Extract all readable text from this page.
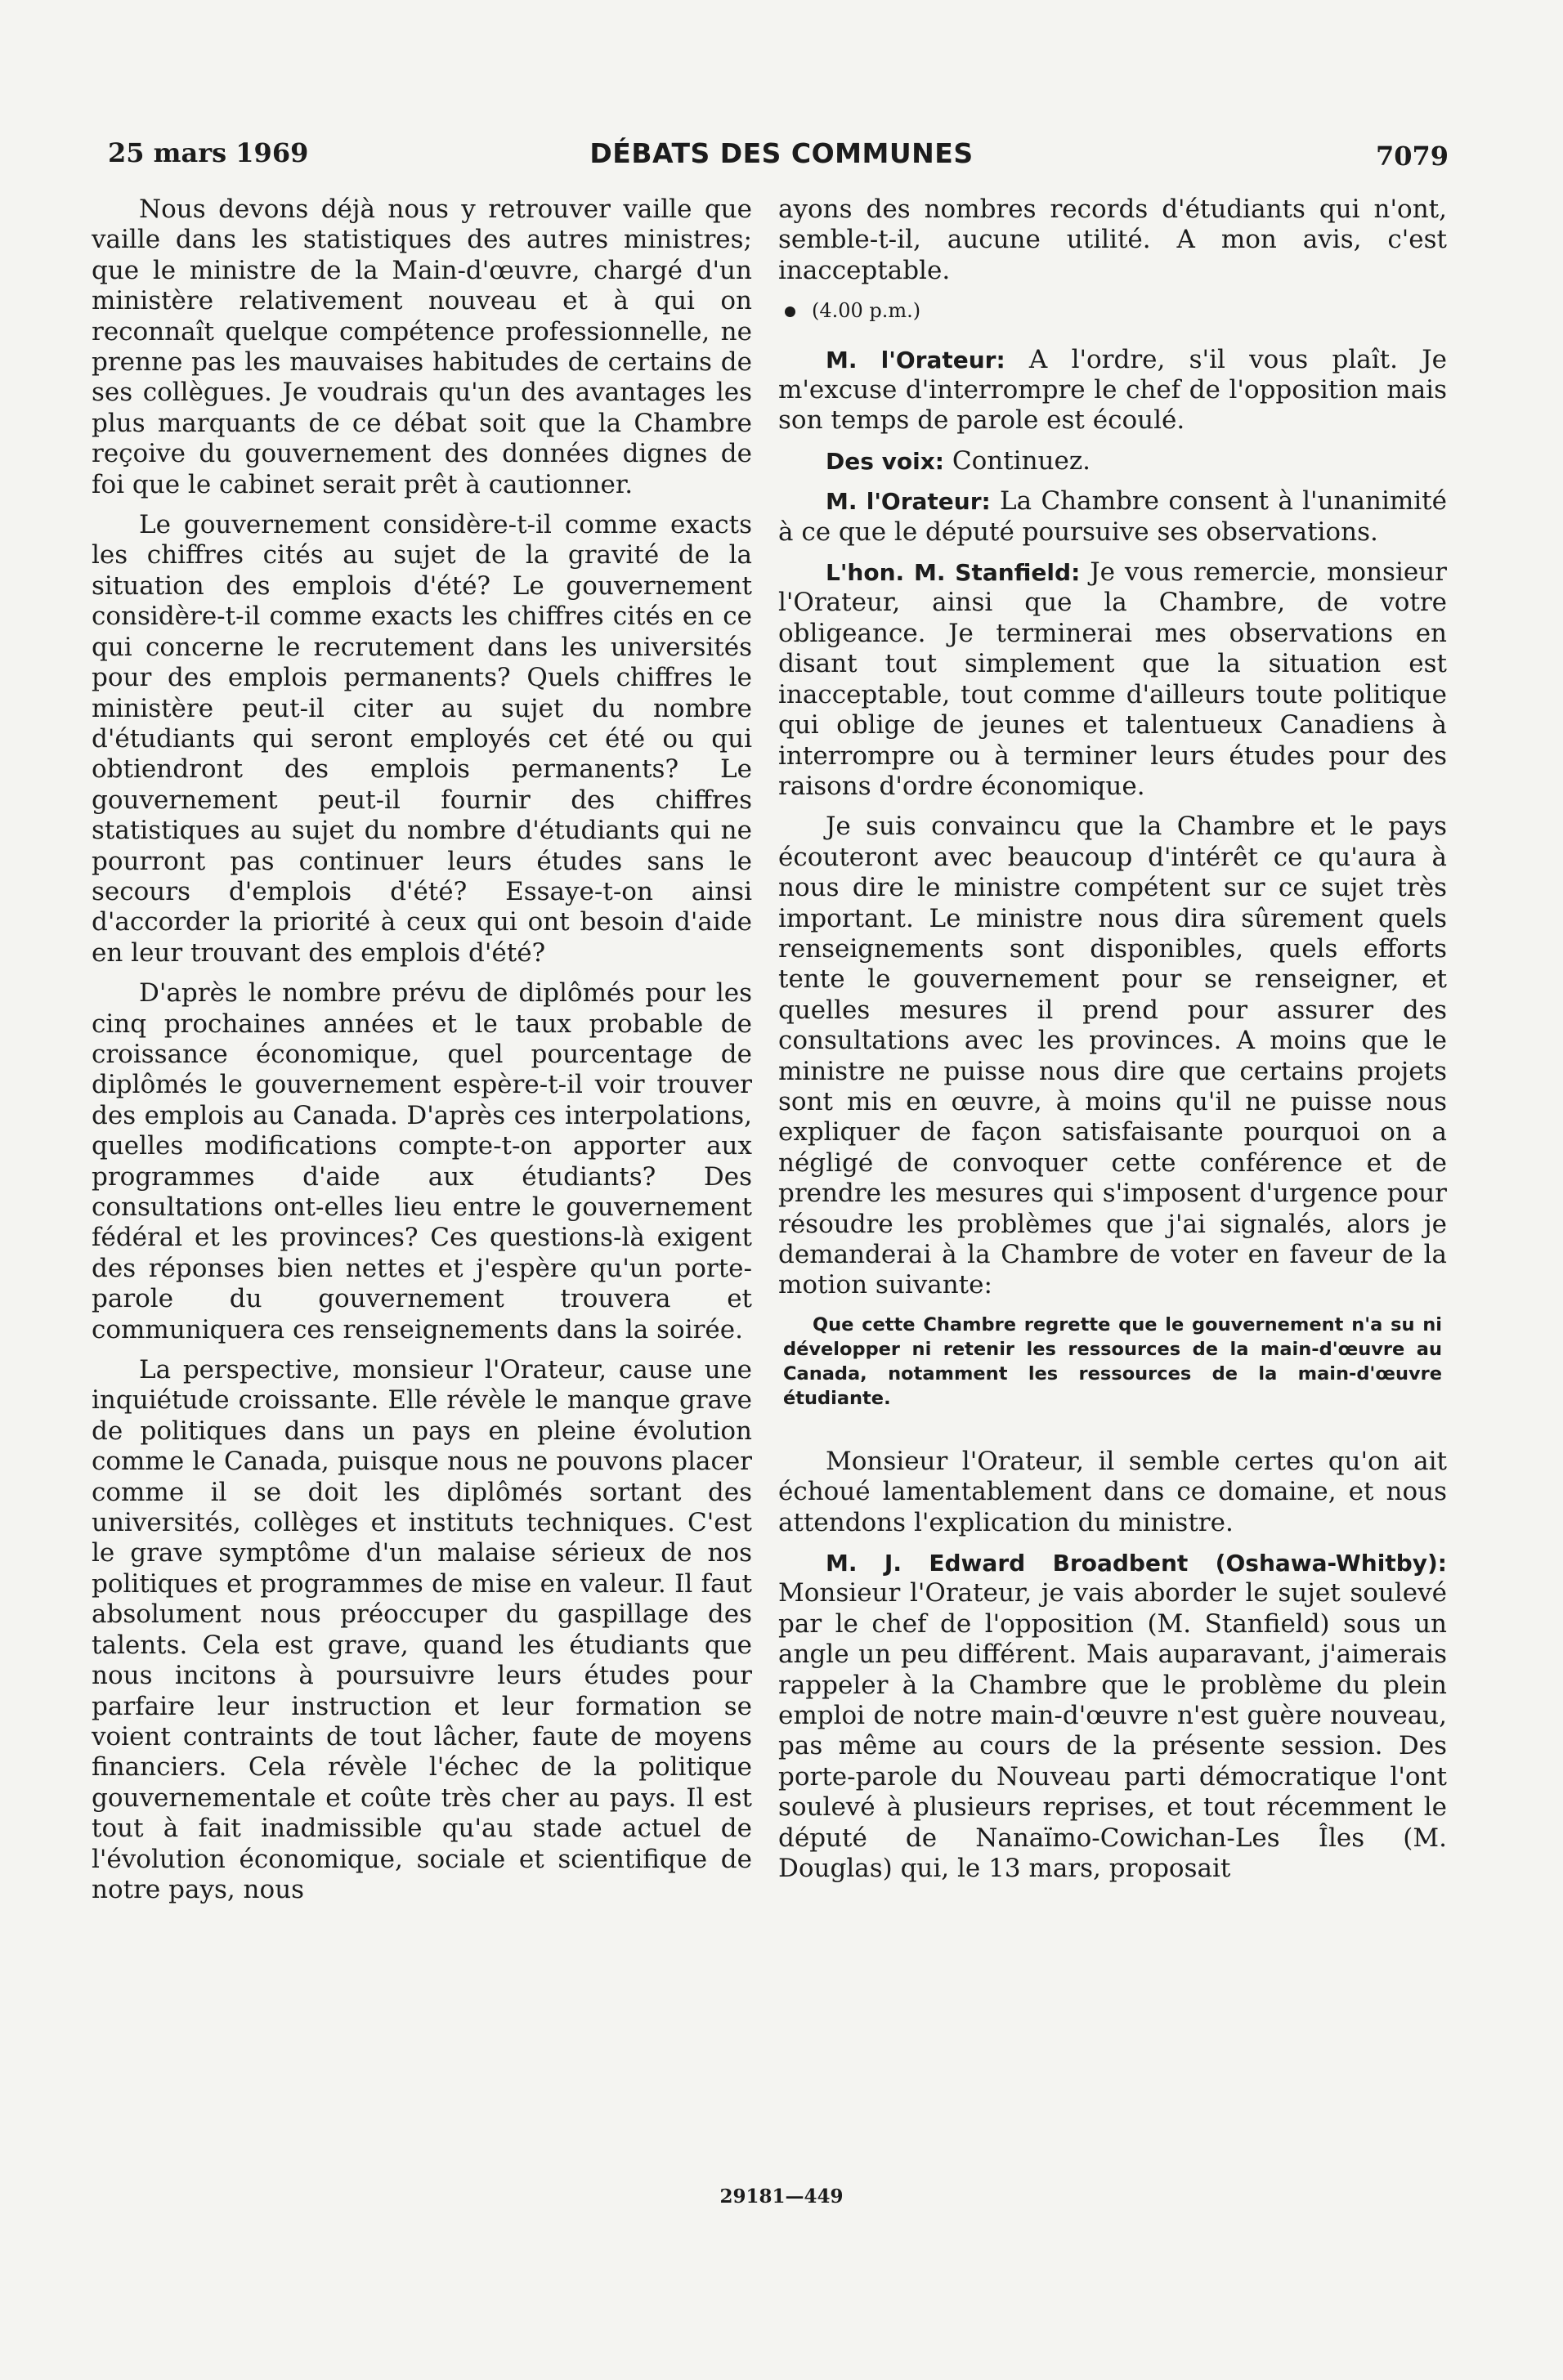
25 mars 1969	DÉBATS DES COMMUNES	7079

Nous devons déjà nous y retrouver vaille que vaille dans les statistiques des autres ministres; que le ministre de la Main-d'œuvre, chargé d'un ministère relativement nouveau et à qui on reconnaît quelque compétence professionnelle, ne prenne pas les mauvaises habitudes de certains de ses collègues. Je voudrais qu'un des avantages les plus marquants de ce débat soit que la Chambre reçoive du gouvernement des données dignes de foi que le cabinet serait prêt à cautionner.

Le gouvernement considère-t-il comme exacts les chiffres cités au sujet de la gravité de la situation des emplois d'été? Le gouvernement considère-t-il comme exacts les chiffres cités en ce qui concerne le recrutement dans les universités pour des emplois permanents? Quels chiffres le ministère peut-il citer au sujet du nombre d'étudiants qui seront employés cet été ou qui obtiendront des emplois permanents? Le gouvernement peut-il fournir des chiffres statistiques au sujet du nombre d'étudiants qui ne pourront pas continuer leurs études sans le secours d'emplois d'été? Essaye-t-on ainsi d'accorder la priorité à ceux qui ont besoin d'aide en leur trouvant des emplois d'été?

D'après le nombre prévu de diplômés pour les cinq prochaines années et le taux probable de croissance économique, quel pourcentage de diplômés le gouvernement espère-t-il voir trouver des emplois au Canada. D'après ces interpolations, quelles modifications compte-t-on apporter aux programmes d'aide aux étudiants? Des consultations ont-elles lieu entre le gouvernement fédéral et les provinces? Ces questions-là exigent des réponses bien nettes et j'espère qu'un porte-parole du gouvernement trouvera et communiquera ces renseignements dans la soirée.

La perspective, monsieur l'Orateur, cause une inquiétude croissante. Elle révèle le manque grave de politiques dans un pays en pleine évolution comme le Canada, puisque nous ne pouvons placer comme il se doit les diplômés sortant des universités, collèges et instituts techniques. C'est le grave symptôme d'un malaise sérieux de nos politiques et programmes de mise en valeur. Il faut absolument nous préoccuper du gaspillage des talents. Cela est grave, quand les étudiants que nous incitons à poursuivre leurs études pour parfaire leur instruction et leur formation se voient contraints de tout lâcher, faute de moyens financiers. Cela révèle l'échec de la politique gouvernementale et coûte très cher au pays. Il est tout à fait inadmissible qu'au stade actuel de l'évolution économique, sociale et scientifique de notre pays, nous

ayons des nombres records d'étudiants qui n'ont, semble-t-il, aucune utilité. A mon avis, c'est inacceptable.

(4.00 p.m.)

M. l'Orateur: A l'ordre, s'il vous plaît. Je m'excuse d'interrompre le chef de l'opposition mais son temps de parole est écoulé.

Des voix: Continuez.

M. l'Orateur: La Chambre consent à l'unanimité à ce que le député poursuive ses observations.

L'hon. M. Stanfield: Je vous remercie, monsieur l'Orateur, ainsi que la Chambre, de votre obligeance. Je terminerai mes observations en disant tout simplement que la situation est inacceptable, tout comme d'ailleurs toute politique qui oblige de jeunes et talentueux Canadiens à interrompre ou à terminer leurs études pour des raisons d'ordre économique.

Je suis convaincu que la Chambre et le pays écouteront avec beaucoup d'intérêt ce qu'aura à nous dire le ministre compétent sur ce sujet très important. Le ministre nous dira sûrement quels renseignements sont disponibles, quels efforts tente le gouvernement pour se renseigner, et quelles mesures il prend pour assurer des consultations avec les provinces. A moins que le ministre ne puisse nous dire que certains projets sont mis en œuvre, à moins qu'il ne puisse nous expliquer de façon satisfaisante pourquoi on a négligé de convoquer cette conférence et de prendre les mesures qui s'imposent d'urgence pour résoudre les problèmes que j'ai signalés, alors je demanderai à la Chambre de voter en faveur de la motion suivante:

Que cette Chambre regrette que le gouvernement n'a su ni développer ni retenir les ressources de la main-d'œuvre au Canada, notamment les ressources de la main-d'œuvre étudiante.

Monsieur l'Orateur, il semble certes qu'on ait échoué lamentablement dans ce domaine, et nous attendons l'explication du ministre.

M. J. Edward Broadbent (Oshawa-Whitby): Monsieur l'Orateur, je vais aborder le sujet soulevé par le chef de l'opposition (M. Stanfield) sous un angle un peu différent. Mais auparavant, j'aimerais rappeler à la Chambre que le problème du plein emploi de notre main-d'œuvre n'est guère nouveau, pas même au cours de la présente session. Des porte-parole du Nouveau parti démocratique l'ont soulevé à plusieurs reprises, et tout récemment le député de Nanaïmo-Cowichan-Les Îles (M. Douglas) qui, le 13 mars, proposait

29181—449
